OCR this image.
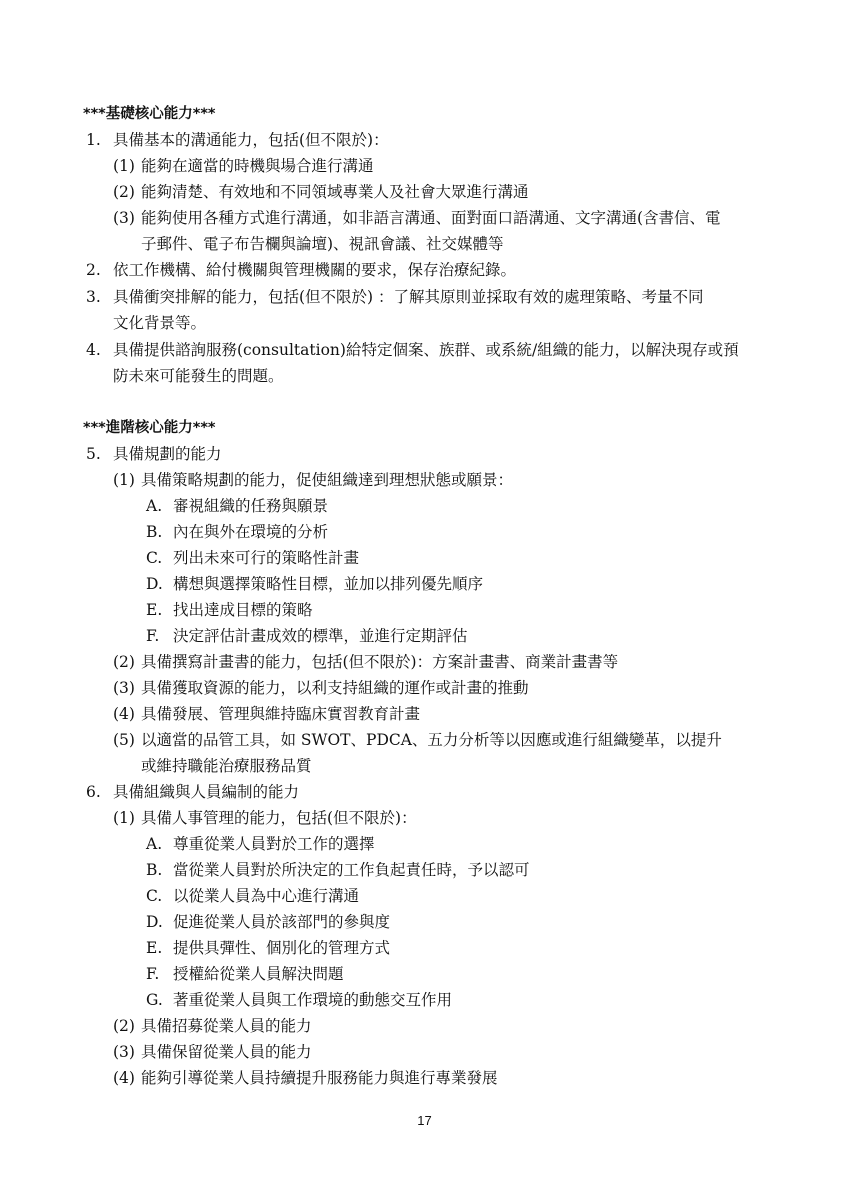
***基礎核心能力***
1. 具備基本的溝通能力，包括(但不限於)：
(1) 能夠在適當的時機與場合進行溝通
(2) 能夠清楚、有效地和不同領域專業人及社會大眾進行溝通
(3) 能夠使用各種方式進行溝通，如非語言溝通、面對面口語溝通、文字溝通(含書信、電
子郵件、電子布告欄與論壇)、視訊會議、社交媒體等
2. 依工作機構、給付機關與管理機關的要求，保存治療紀錄。
3. 具備衝突排解的能力，包括(但不限於) ：了解其原則並採取有效的處理策略、考量不同
文化背景等。
4. 具備提供諮詢服務(consultation)給特定個案、族群、或系統/組織的能力，以解決現存或預
防未來可能發生的問題。
***進階核心能力***
5. 具備規劃的能力
(1) 具備策略規劃的能力，促使組織達到理想狀態或願景：
A. 審視組織的任務與願景
B. 內在與外在環境的分析
C. 列出未來可行的策略性計畫
D. 構想與選擇策略性目標，並加以排列優先順序
E. 找出達成目標的策略
F. 決定評估計畫成效的標準，並進行定期評估
(2) 具備撰寫計畫書的能力，包括(但不限於)：方案計畫書、商業計畫書等
(3) 具備獲取資源的能力，以利支持組織的運作或計畫的推動
(4) 具備發展、管理與維持臨床實習教育計畫
(5) 以適當的品管工具，如 SWOT、PDCA、五力分析等以因應或進行組織變革，以提升
或維持職能治療服務品質
6. 具備組織與人員編制的能力
(1) 具備人事管理的能力，包括(但不限於)：
A. 尊重從業人員對於工作的選擇
B. 當從業人員對於所決定的工作負起責任時，予以認可
C. 以從業人員為中心進行溝通
D. 促進從業人員於該部門的參與度
E. 提供具彈性、個別化的管理方式
F. 授權給從業人員解決問題
G. 著重從業人員與工作環境的動態交互作用
(2) 具備招募從業人員的能力
(3) 具備保留從業人員的能力
(4) 能夠引導從業人員持續提升服務能力與進行專業發展
17
